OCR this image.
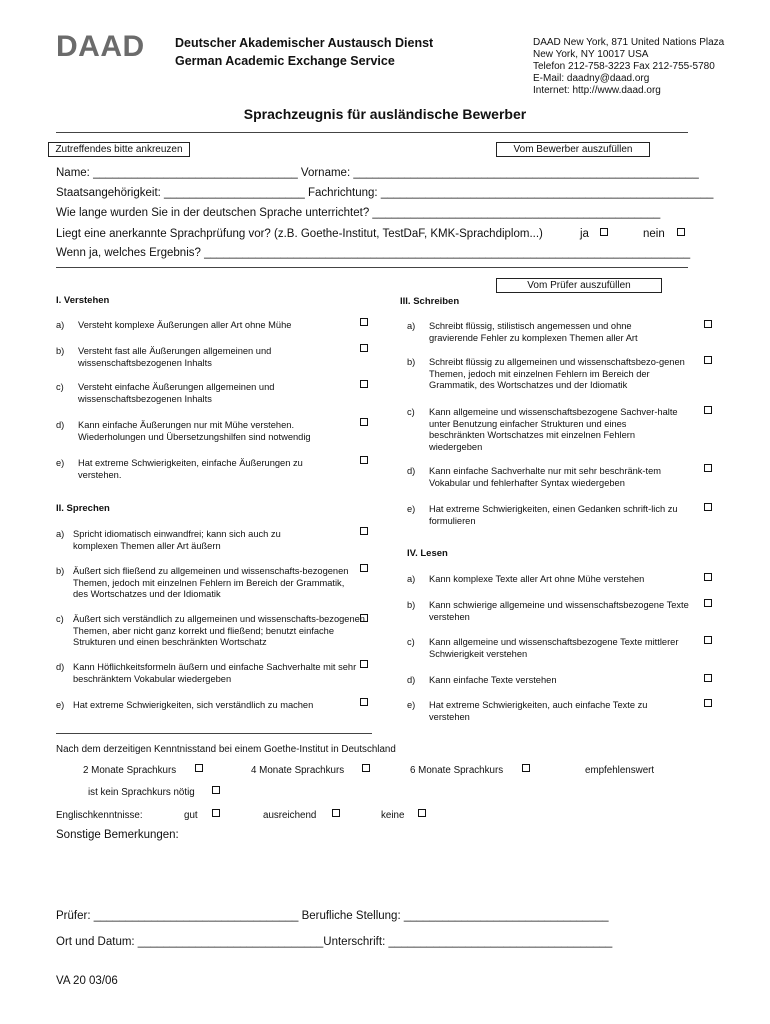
DAAD Deutscher Akademischer Austausch Dienst
German Academic Exchange Service
DAAD New York, 871 United Nations Plaza
New York, NY 10017 USA
Telefon 212-758-3223 Fax 212-755-5780
E-Mail: daadny@daad.org
Internet: http://www.daad.org
Sprachzeugnis für ausländische Bewerber
Zutreffendes bitte ankreuzen	Vom Bewerber auszufüllen
Name: ________________________________ Vorname: ______________________________________________________
Staatsangehörigkeit: ______________________ Fachrichtung: ____________________________________________________
Wie lange wurden Sie in der deutschen Sprache unterrichtet? _____________________________________________
Liegt eine anerkannte Sprachprüfung vor? (z.B. Goethe-Institut, TestDaF, KMK-Sprachdiplom...)	ja	nein
Wenn ja, welches Ergebnis? ____________________________________________________________________________
Vom Prüfer auszufüllen
I. Verstehen
a) Versteht komplexe Äußerungen aller Art ohne Mühe
b) Versteht fast alle Äußerungen allgemeinen und wissenschaftsbezogenen Inhalts
c) Versteht einfache Äußerungen allgemeinen und wissenschaftsbezogenen Inhalts
d) Kann einfache Äußerungen nur mit Mühe verstehen. Wiederholungen und Übersetzungshilfen sind notwendig
e) Hat extreme Schwierigkeiten, einfache Äußerungen zu verstehen.
II. Sprechen
a) Spricht idiomatisch einwandfrei; kann sich auch zu komplexen Themen aller Art äußern
b) Äußert sich fließend zu allgemeinen und wissenschafts-bezogenen Themen, jedoch mit einzelnen Fehlern im Bereich der Grammatik, des Wortschatzes und der Idiomatik
c) Äußert sich verständlich zu allgemeinen und wissenschafts-bezogenen Themen, aber nicht ganz korrekt und fließend; benutzt einfache Strukturen und einen beschränkten Wortschatz
d) Kann Höflichkeitsformeln äußern und einfache Sachverhalte mit sehr beschränktem Vokabular wiedergeben
e) Hat extreme Schwierigkeiten, sich verständlich zu machen
III. Schreiben
a) Schreibt flüssig, stilistisch angemessen und ohne gravierende Fehler zu komplexen Themen aller Art
b) Schreibt flüssig zu allgemeinen und wissenschaftsbezo-genen Themen, jedoch mit einzelnen Fehlern im Bereich der Grammatik, des Wortschatzes und der Idiomatik
c) Kann allgemeine und wissenschaftsbezogene Sachver-halte unter Benutzung einfacher Strukturen und eines beschränkten Wortschatzes mit einzelnen Fehlern wiedergeben
d) Kann einfache Sachverhalte nur mit sehr beschränk-tem Vokabular und fehlerhafter Syntax wiedergeben
e) Hat extreme Schwierigkeiten, einen Gedanken schrift-lich zu formulieren
IV. Lesen
a) Kann komplexe Texte aller Art ohne Mühe verstehen
b) Kann schwierige allgemeine und wissenschaftsbezogene Texte verstehen
c) Kann allgemeine und wissenschaftsbezogene Texte mittlerer Schwierigkeit verstehen
d) Kann einfache Texte verstehen
e) Hat extreme Schwierigkeiten, auch einfache Texte zu verstehen
Nach dem derzeitigen Kenntnisstand bei einem Goethe-Institut in Deutschland
2 Monate Sprachkurs	4 Monate Sprachkurs	6 Monate Sprachkurs	empfehlenswert
ist kein Sprachkurs nötig
Englischkenntnisse:	gut	ausreichend	keine
Sonstige Bemerkungen:
Prüfer: ________________________________ Berufliche Stellung: ________________________________
Ort und Datum: _____________________________Unterschrift: ___________________________________
VA 20 03/06
